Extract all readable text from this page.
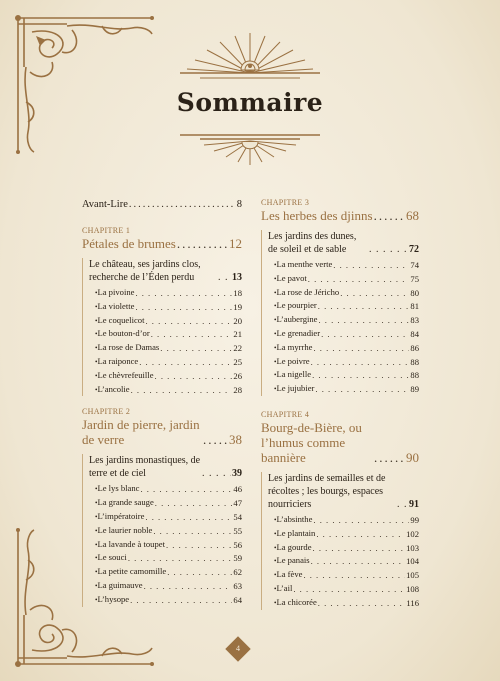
Sommaire
Avant-Lire .....	8
CHAPITRE 1
Pétales de brumes .....	12
Le château, ses jardins clos, recherche de l’Éden perdu . . .	13
• La pivoine . . .	18
• La violette . . .	19
• Le coquelicot . . .	20
• Le bouton-d’or . . .	21
• La rose de Damas . . .	22
• La raiponce . . .	25
• Le chèvrefeuille . . .	26
• L’ancolie . . .	28
CHAPITRE 2
Jardin de pierre, jardin de verre .....	38
Les jardins monastiques, de terre et de ciel . . .	39
• Le lys blanc . . .	46
• La grande sauge . . .	47
• L’impératoire . . .	54
• Le laurier noble . . .	55
• La lavande à toupet . . .	56
• Le souci . . .	59
• La petite camomille . . .	62
• La guimauve . . .	63
• L’hysope . . .	64
CHAPITRE 3
Les herbes des djinns .....	68
Les jardins des dunes, de soleil et de sable . . .	72
• La menthe verte . . .	74
• Le pavot . . .	75
• La rose de Jéricho . . .	80
• Le pourpier . . .	81
• L’aubergine . . .	83
• Le grenadier . . .	84
• La myrrhe . . .	86
• Le poivre . . .	88
• La nigelle . . .	88
• Le jujubier . . .	89
CHAPITRE 4
Bourg-de-Bière, ou l’humus comme bannière .....	90
Les jardins de semailles et de récoltes ; les bourgs, espaces nourriciers . . .	91
• L’absinthe . . .	99
• Le plantain . . .	102
• La gourde . . .	103
• Le panais . . .	104
• La fève . . .	105
• L’ail . . .	108
• La chicorée . . .	116
4
